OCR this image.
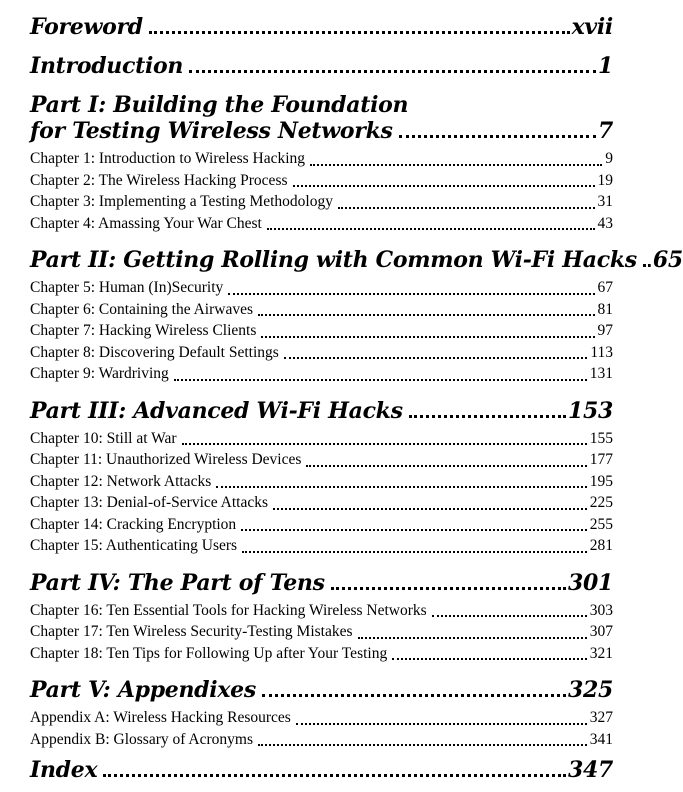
Foreword	xvii
Introduction	1
Part I: Building the Foundation
for Testing Wireless Networks	7
Chapter 1: Introduction to Wireless Hacking	9
Chapter 2: The Wireless Hacking Process	19
Chapter 3: Implementing a Testing Methodology	31
Chapter 4: Amassing Your War Chest	43
Part II: Getting Rolling with Common Wi-Fi Hacks 65
Chapter 5: Human (In)Security	67
Chapter 6: Containing the Airwaves	81
Chapter 7: Hacking Wireless Clients	97
Chapter 8: Discovering Default Settings	113
Chapter 9: Wardriving	131
Part III: Advanced Wi-Fi Hacks	153
Chapter 10: Still at War	155
Chapter 11: Unauthorized Wireless Devices	177
Chapter 12: Network Attacks	195
Chapter 13: Denial-of-Service Attacks	225
Chapter 14: Cracking Encryption	255
Chapter 15: Authenticating Users	281
Part IV: The Part of Tens	301
Chapter 16: Ten Essential Tools for Hacking Wireless Networks	303
Chapter 17: Ten Wireless Security-Testing Mistakes	307
Chapter 18: Ten Tips for Following Up after Your Testing	321
Part V: Appendixes	325
Appendix A: Wireless Hacking Resources	327
Appendix B: Glossary of Acronyms	341
Index	347
